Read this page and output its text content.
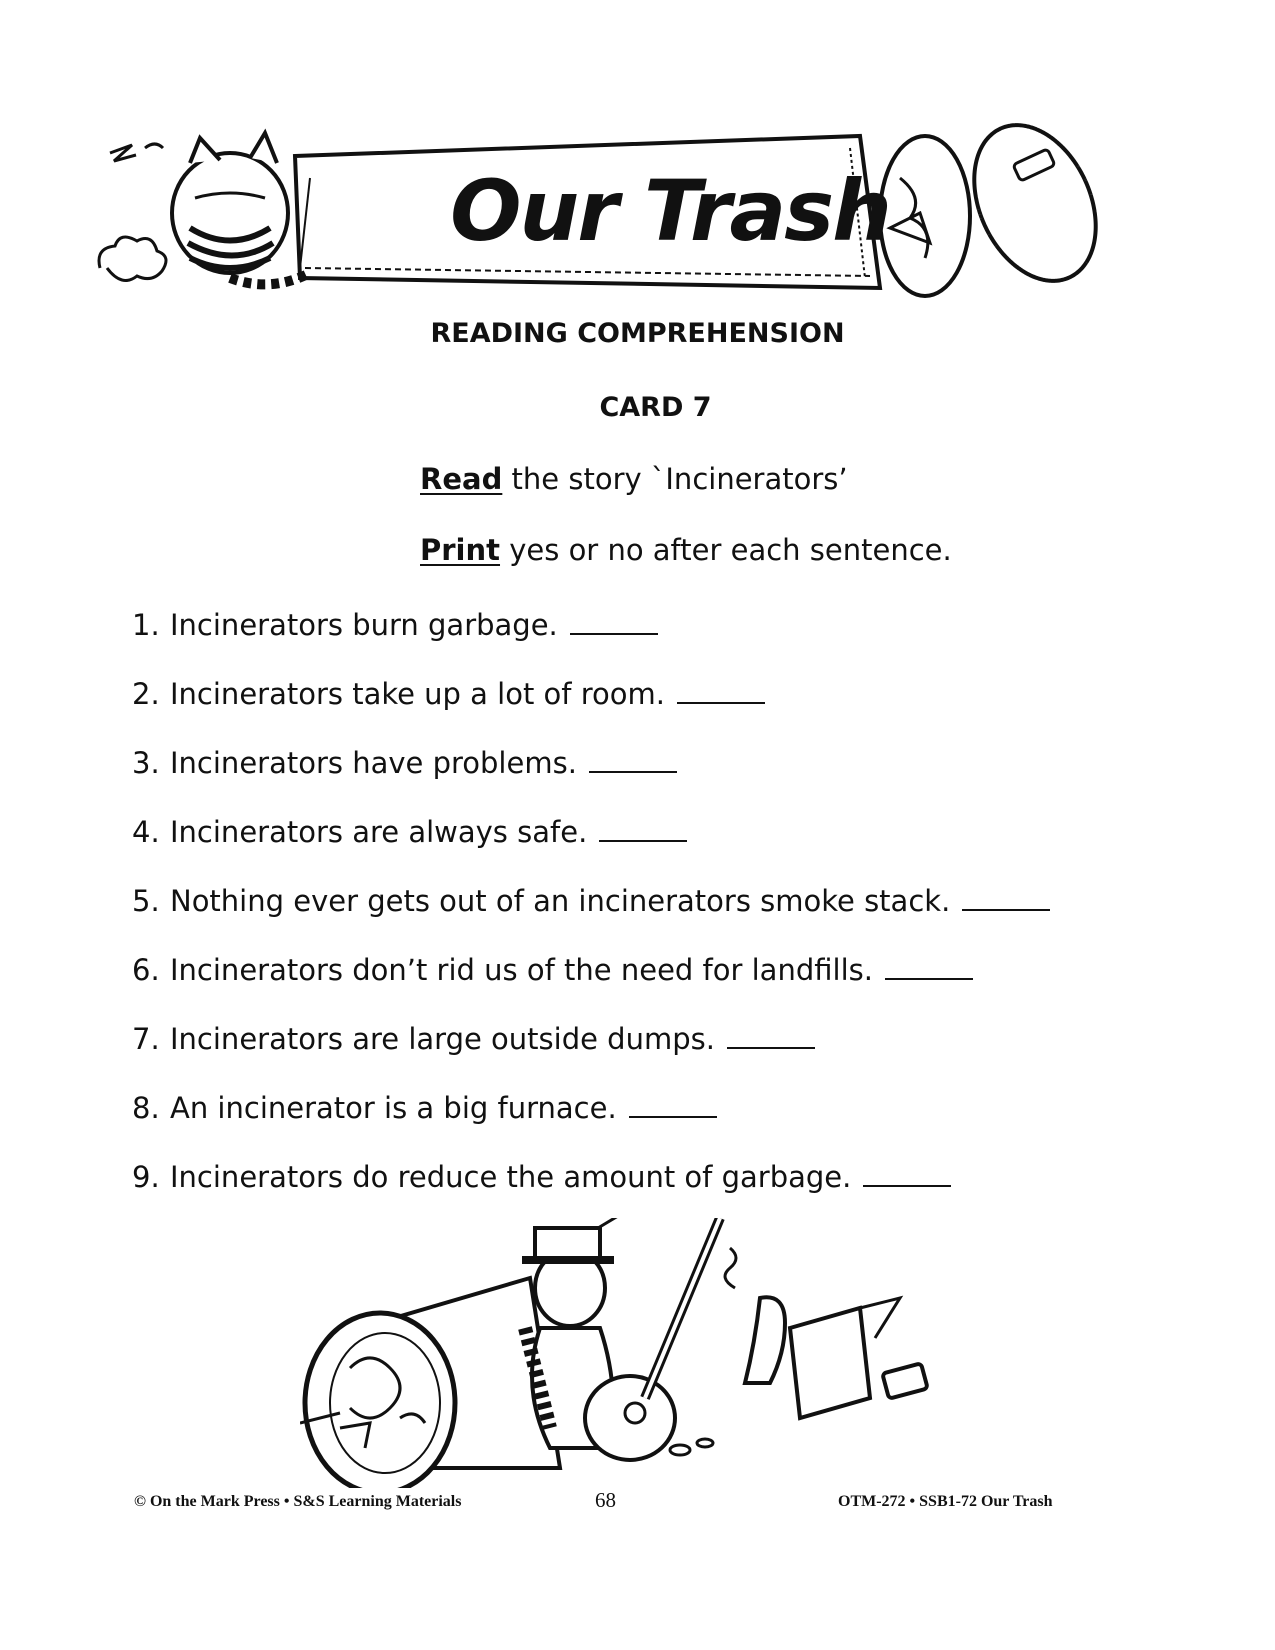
Our Trash
READING COMPREHENSION
CARD 7
Read the story `Incinerators’
Print yes or no after each sentence.
1. Incinerators burn garbage.
2. Incinerators take up a lot of room.
3. Incinerators have problems.
4. Incinerators are always safe.
5. Nothing ever gets out of an incinerators smoke stack.
6. Incinerators don’t rid us of the need for landfills.
7. Incinerators are large outside dumps.
8. An incinerator is a big furnace.
9. Incinerators do reduce the amount of garbage.
© On the Mark Press • S&S Learning Materials	68	OTM-272 • SSB1-72 Our Trash
